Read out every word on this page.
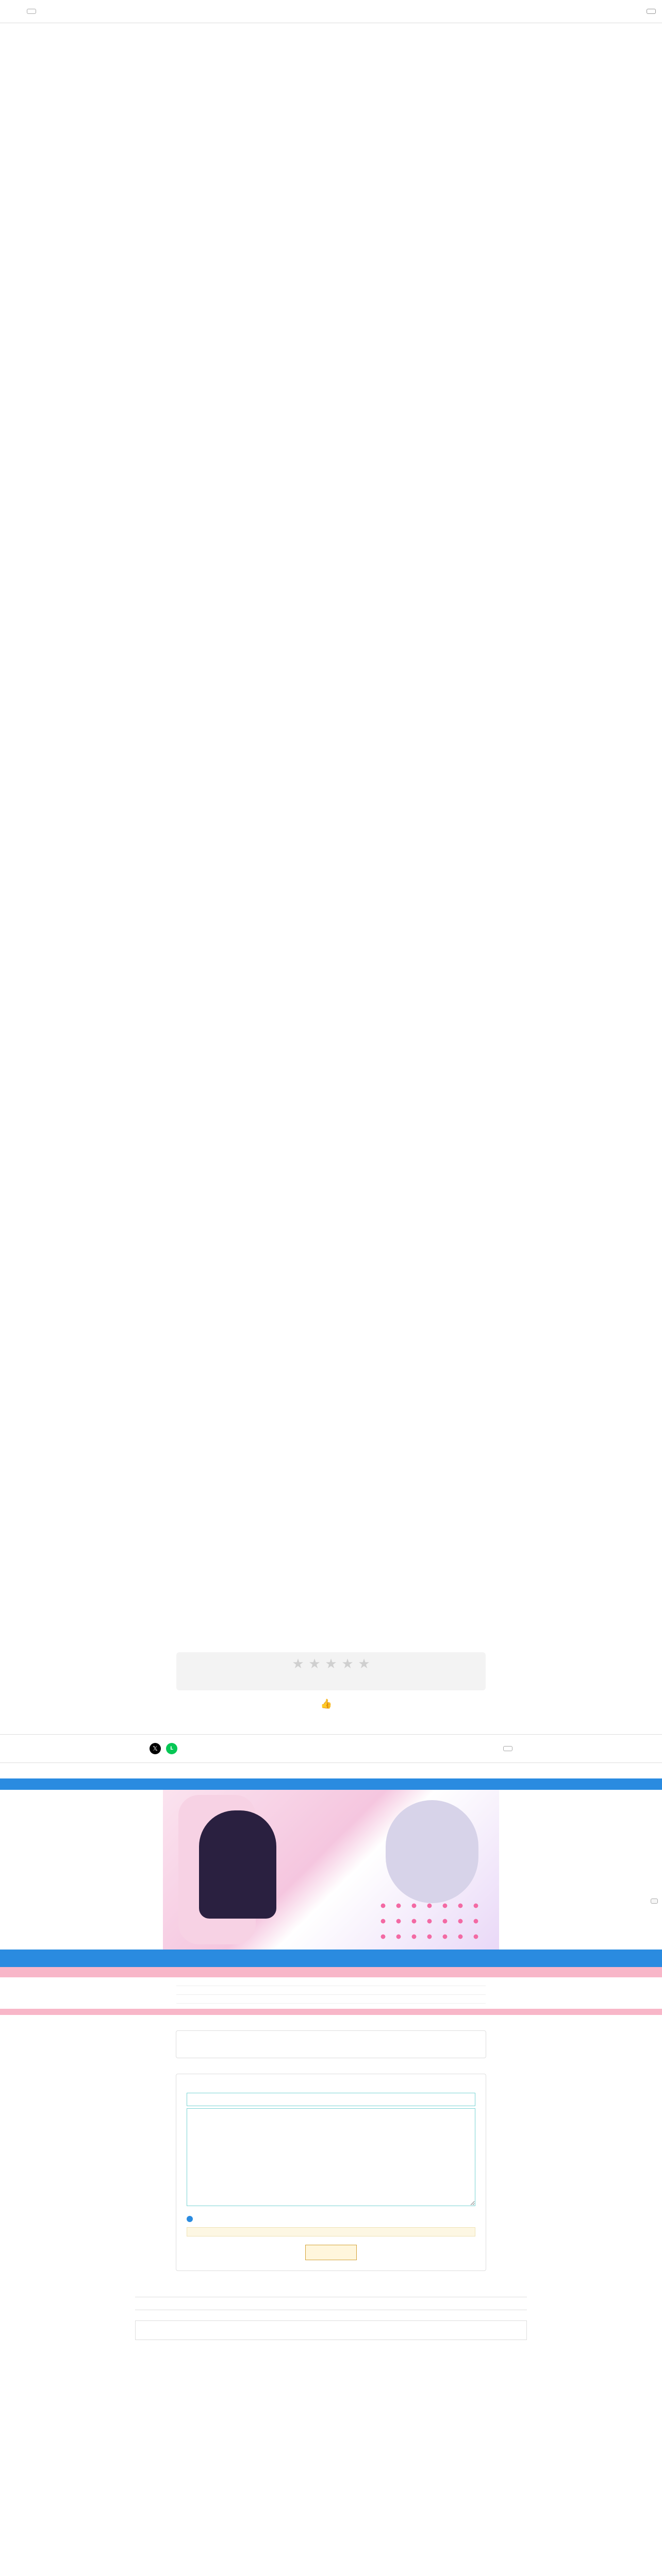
★ ★ ★ ★ ★
👍
𝕏	L
